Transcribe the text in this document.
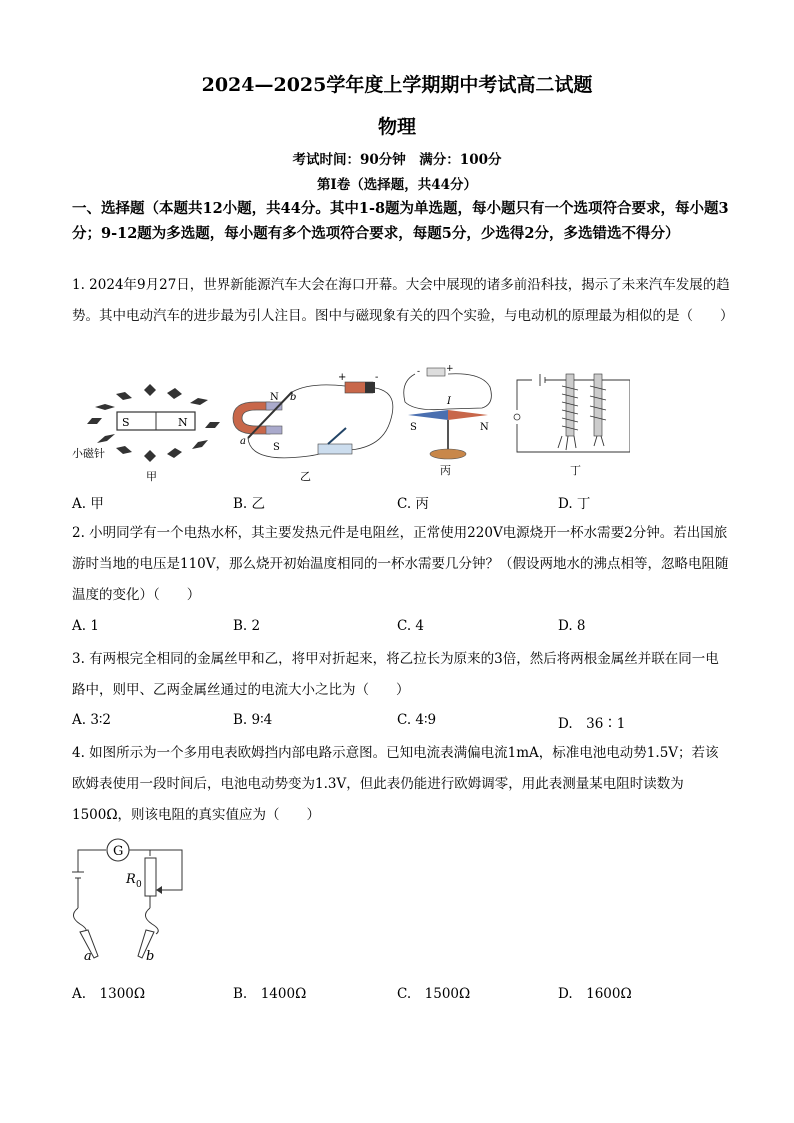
2024—2025学年度上学期期中考试高二试题
物理
考试时间：90分钟　满分：100分
第Ⅰ卷（选择题，共44分）
一、选择题（本题共12小题，共44分。其中1-8题为单选题，每小题只有一个选项符合要求，每小题3分；9-12题为多选题，每小题有多个选项符合要求，每题5分，少选得2分，多选错选不得分）
1. 2024年9月27日，世界新能源汽车大会在海口开幕。大会中展现的诸多前沿科技，揭示了未来汽车发展的趋势。其中电动汽车的进步最为引人注目。图中与磁现象有关的四个实验，与电动机的原理最为相似的是（　　）
S	N
小磁针
甲
N
S
a
b
+	-
乙
-	+
I
S	N
丙	丁
A. 甲	B. 乙	C. 丙	D. 丁
2. 小明同学有一个电热水杯，其主要发热元件是电阻丝，正常使用220V电源烧开一杯水需要2分钟。若出国旅游时当地的电压是110V，那么烧开初始温度相同的一杯水需要几分钟？（假设两地水的沸点相等，忽略电阻随温度的变化）（　　）
A. 1	B. 2	C. 4	D. 8
3. 有两根完全相同的金属丝甲和乙，将甲对折起来，将乙拉长为原来的3倍，然后将两根金属丝并联在同一电路中，则甲、乙两金属丝通过的电流大小之比为（　　）
A. 3∶2	B. 9∶4	C. 4∶9	D.　36∶1
4. 如图所示为一个多用电表欧姆挡内部电路示意图。已知电流表满偏电流1mA，标准电池电动势1.5V；若该欧姆表使用一段时间后，电池电动势变为1.3V，但此表仍能进行欧姆调零，用此表测量某电阻时读数为1500Ω，则该电阻的真实值应为（　　）
G
R 0
a	b
A.　1300Ω	B.　1400Ω	C.　1500Ω	D.　1600Ω
